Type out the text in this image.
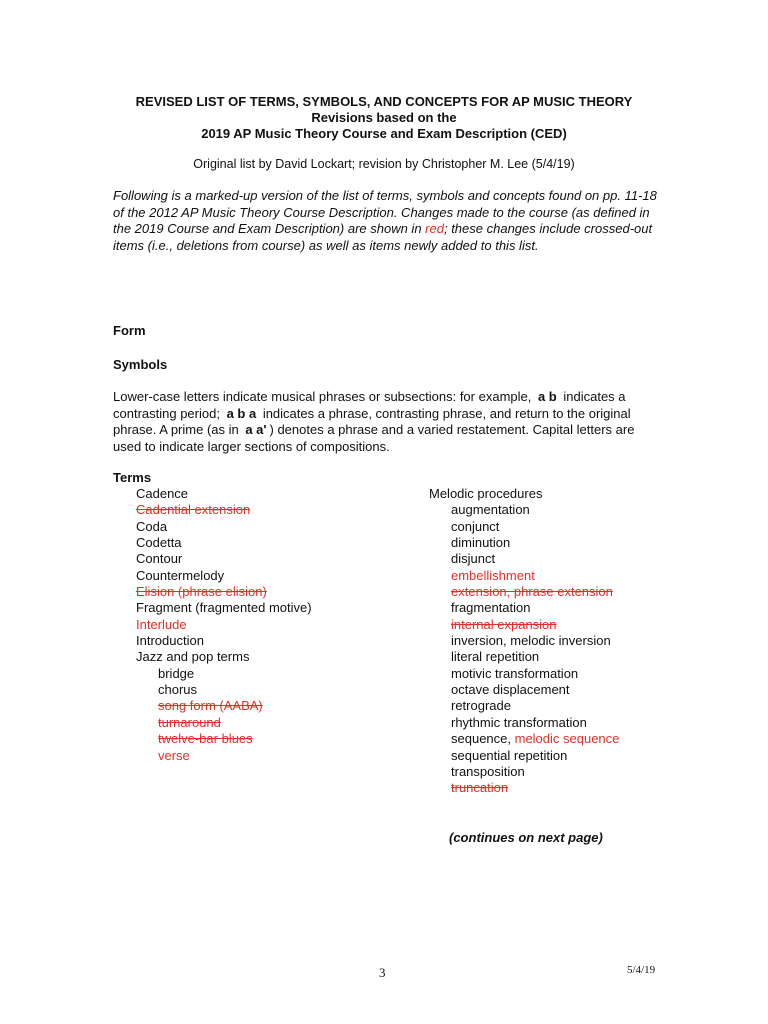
REVISED LIST OF TERMS, SYMBOLS, AND CONCEPTS FOR AP MUSIC THEORY
Revisions based on the
2019 AP Music Theory Course and Exam Description (CED)
Original list by David Lockart; revision by Christopher M. Lee (5/4/19)

Following is a marked-up version of the list of terms, symbols and concepts found on pp. 11-18 of the 2012 AP Music Theory Course Description. Changes made to the course (as defined in the 2019 Course and Exam Description) are shown in red; these changes include crossed-out items (i.e., deletions from course) as well as items newly added to this list.

Form
Symbols

Lower-case letters indicate musical phrases or subsections: for example, a b indicates a contrasting period; a b a indicates a phrase, contrasting phrase, and return to the original phrase. A prime (as in a a' ) denotes a phrase and a varied restatement. Capital letters are used to indicate larger sections of compositions.

Terms
Cadence
Cadential extension
Coda
Codetta
Contour
Countermelody
Elision (phrase elision)
Fragment (fragmented motive)
Interlude
Introduction
Jazz and pop terms
bridge
chorus
song form (AABA)
turnaround
twelve-bar blues
verse
Melodic procedures
augmentation
conjunct
diminution
disjunct
embellishment
extension, phrase extension
fragmentation
internal expansion
inversion, melodic inversion
literal repetition
motivic transformation
octave displacement
retrograde
rhythmic transformation
sequence, melodic sequence
sequential repetition
transposition
truncation
(continues on next page)
3	5/4/19
